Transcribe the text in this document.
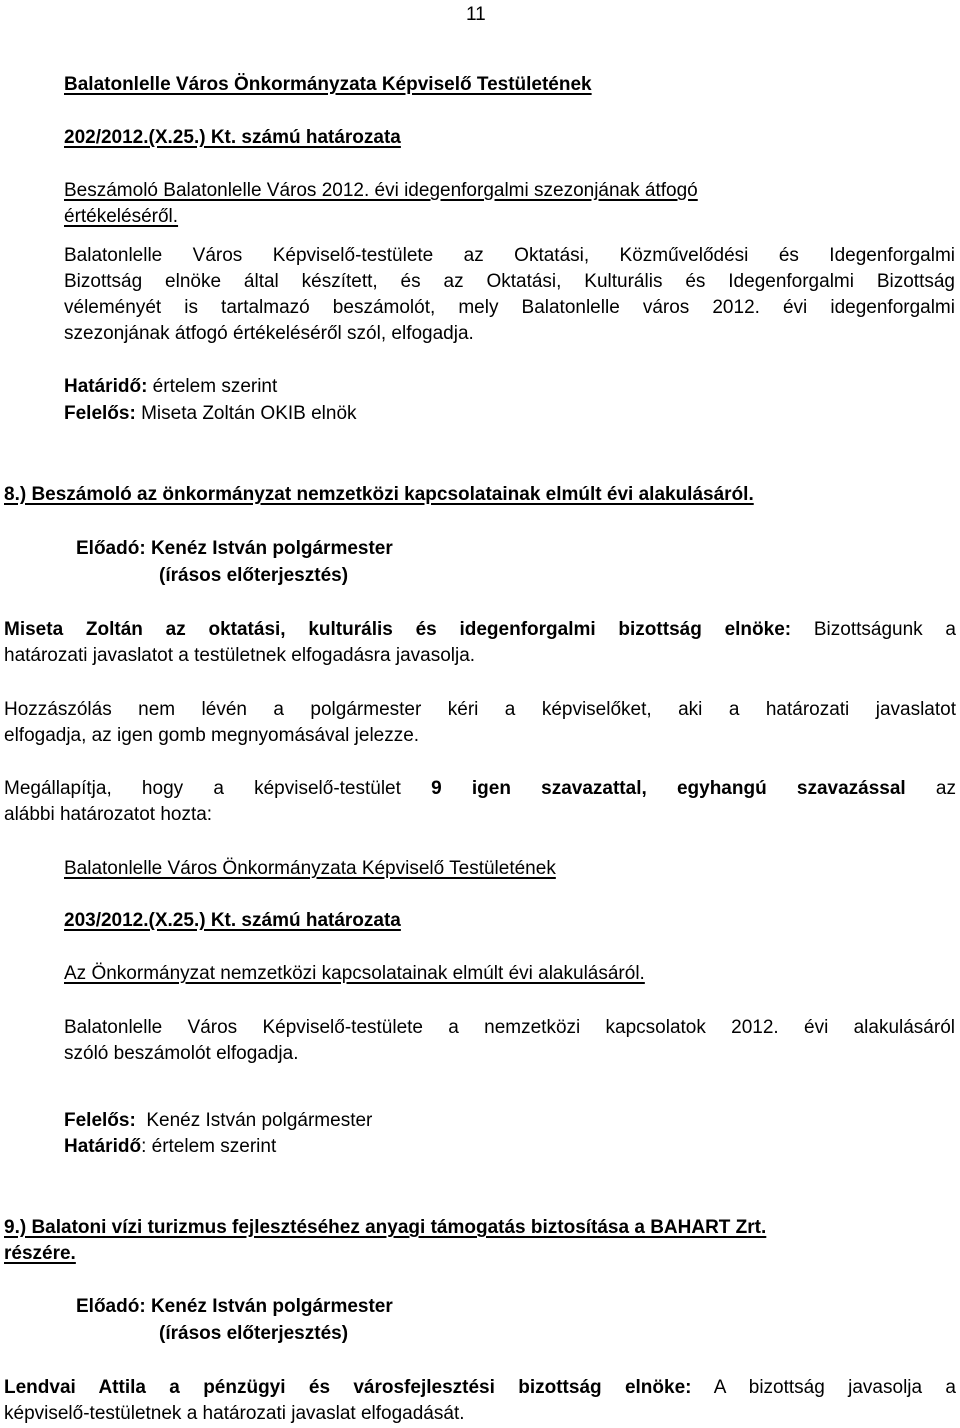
11
Balatonlelle Város Önkormányzata Képviselő Testületének
202/2012.(X.25.) Kt. számú határozata
Beszámoló Balatonlelle Város 2012. évi idegenforgalmi szezonjának átfogó
értékeléséről.
Balatonlelle Város Képviselő-testülete az Oktatási, Közművelődési és Idegenforgalmi
Bizottság elnöke által készített, és az Oktatási, Kulturális és Idegenforgalmi Bizottság
véleményét is tartalmazó beszámolót, mely Balatonlelle város 2012. évi idegenforgalmi
szezonjának átfogó értékeléséről szól, elfogadja.
Határidő: értelem szerint
Felelős: Miseta Zoltán OKIB elnök
8.) Beszámoló az önkormányzat nemzetközi kapcsolatainak elmúlt évi alakulásáról.
Előadó: Kenéz István polgármester
(írásos előterjesztés)
Miseta Zoltán az oktatási, kulturális és idegenforgalmi bizottság elnöke: Bizottságunk a
határozati javaslatot a testületnek elfogadásra javasolja.
Hozzászólás nem lévén a polgármester kéri a képviselőket, aki a határozati javaslatot
elfogadja, az igen gomb megnyomásával jelezze.
Megállapítja, hogy a képviselő-testület 9 igen szavazattal, egyhangú szavazással az
alábbi határozatot hozta:
Balatonlelle Város Önkormányzata Képviselő Testületének
203/2012.(X.25.) Kt. számú határozata
Az Önkormányzat nemzetközi kapcsolatainak elmúlt évi alakulásáról.
Balatonlelle Város Képviselő-testülete a nemzetközi kapcsolatok 2012. évi alakulásáról
szóló beszámolót elfogadja.
Felelős:  Kenéz István polgármester
Határidő: értelem szerint
9.) Balatoni vízi turizmus fejlesztéséhez anyagi támogatás biztosítása a BAHART Zrt.
részére.
Előadó: Kenéz István polgármester
(írásos előterjesztés)
Lendvai Attila a pénzügyi és városfejlesztési bizottság elnöke: A bizottság javasolja a
képviselő-testületnek a határozati javaslat elfogadását.
